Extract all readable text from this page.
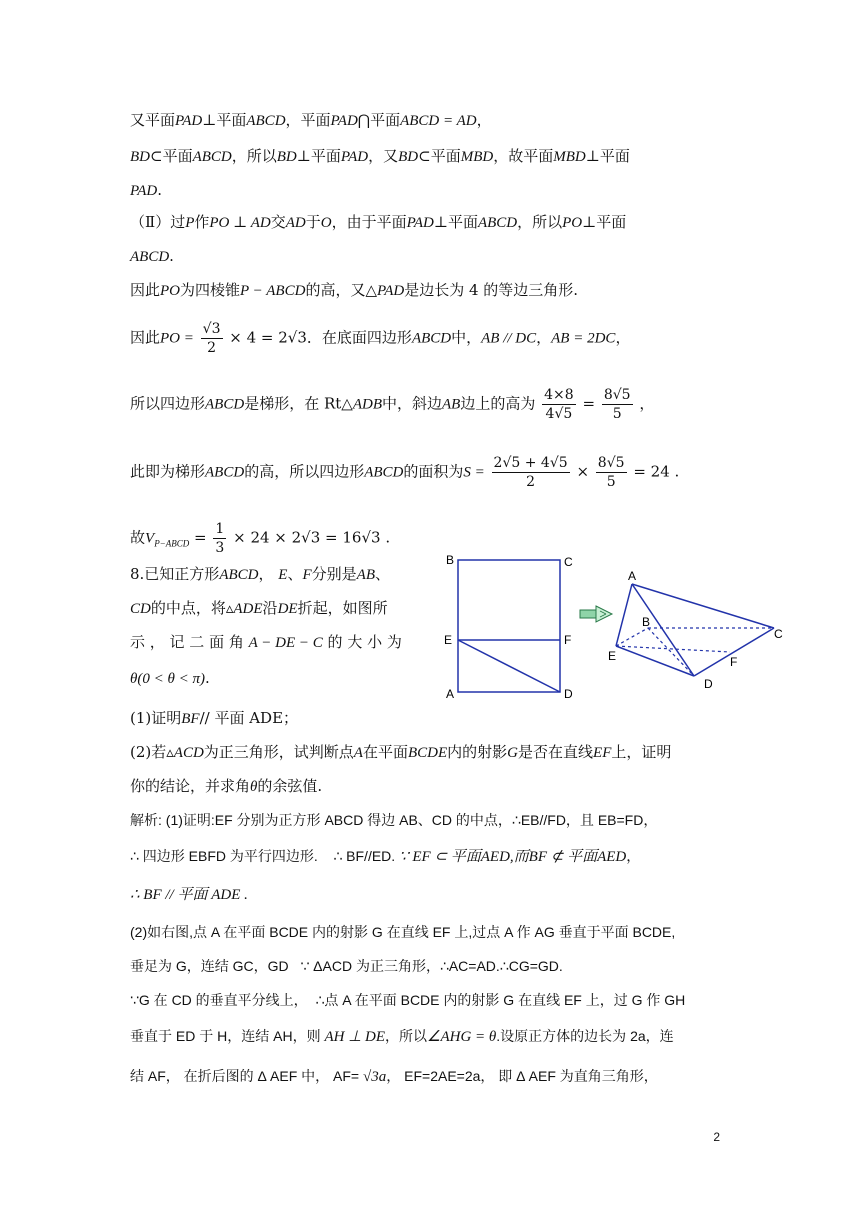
又平面PAD⊥平面ABCD，平面PAD⋂平面ABCD = AD，
BD⊂平面ABCD，所以BD⊥平面PAD，又BD⊂平面MBD，故平面MBD⊥平面
PAD.
（Ⅱ）过P作PO ⊥ AD交AD于O，由于平面PAD⊥平面ABCD，所以PO⊥平面
ABCD.
因此PO为四棱锥P − ABCD的高，又△PAD是边长为 4 的等边三角形.
因此PO = $\frac{√3}{2} \times 4 = 2√3$．在底面四边形ABCD中，AB // DC，AB = 2DC，
所以四边形ABCD是梯形，在 Rt△ADB中，斜边AB边上的高为 $\frac{4\times 8}{4√5} = \frac{8√5}{5}$ ，
此即为梯形ABCD的高，所以四边形ABCD的面积为$S = \frac{2√5 + 4√5}{2} \times \frac{8√5}{5} = 24$ .
故$V_{P-ABCD} = \frac{1}{3} \times 24 \times 2√3 = 16√3$ .
8.已知正方形ABCD， E、F分别是AB、
CD的中点，将▵ADE沿DE折起，如图所
示 ， 记 二 面 角 A − DE − C 的 大 小 为
θ(0 < θ < π).
(1)证明BF// 平面 ADE；
(2)若▵ACD为正三角形，试判断点A在平面BCDE内的射影G是否在直线EF上，证明
你的结论，并求角θ的余弦值.
解析: (1)证明:EF 分别为正方形 ABCD 得边 AB、CD 的中点，∴EB//FD，且 EB=FD，
∴ 四边形 EBFD 为平行四边形. ∴ BF//ED. ∵ EF ⊂ 平面AED,而BF ⊄ 平面AED，
∴ BF // 平面 ADE .
(2)如右图,点 A 在平面 BCDE 内的射影 G 在直线 EF 上,过点 A 作 AG 垂直于平面 BCDE,
垂足为 G，连结 GC，GD ∵ ΔACD 为正三角形，∴AC=AD.∴CG=GD.
∵G 在 CD 的垂直平分线上， ∴点 A 在平面 BCDE 内的射影 G 在直线 EF 上，过 G 作 GH
垂直于 ED 于 H，连结 AH，则 AH ⊥ DE，所以∠AHG = θ.设原正方体的边长为 2a，连
结 AF， 在折后图的 Δ AEF 中， AF= √3a， EF=2AE=2a， 即 Δ AEF 为直角三角形，
B	C
E	F
A	D
A
B
C
E	F
D
2
